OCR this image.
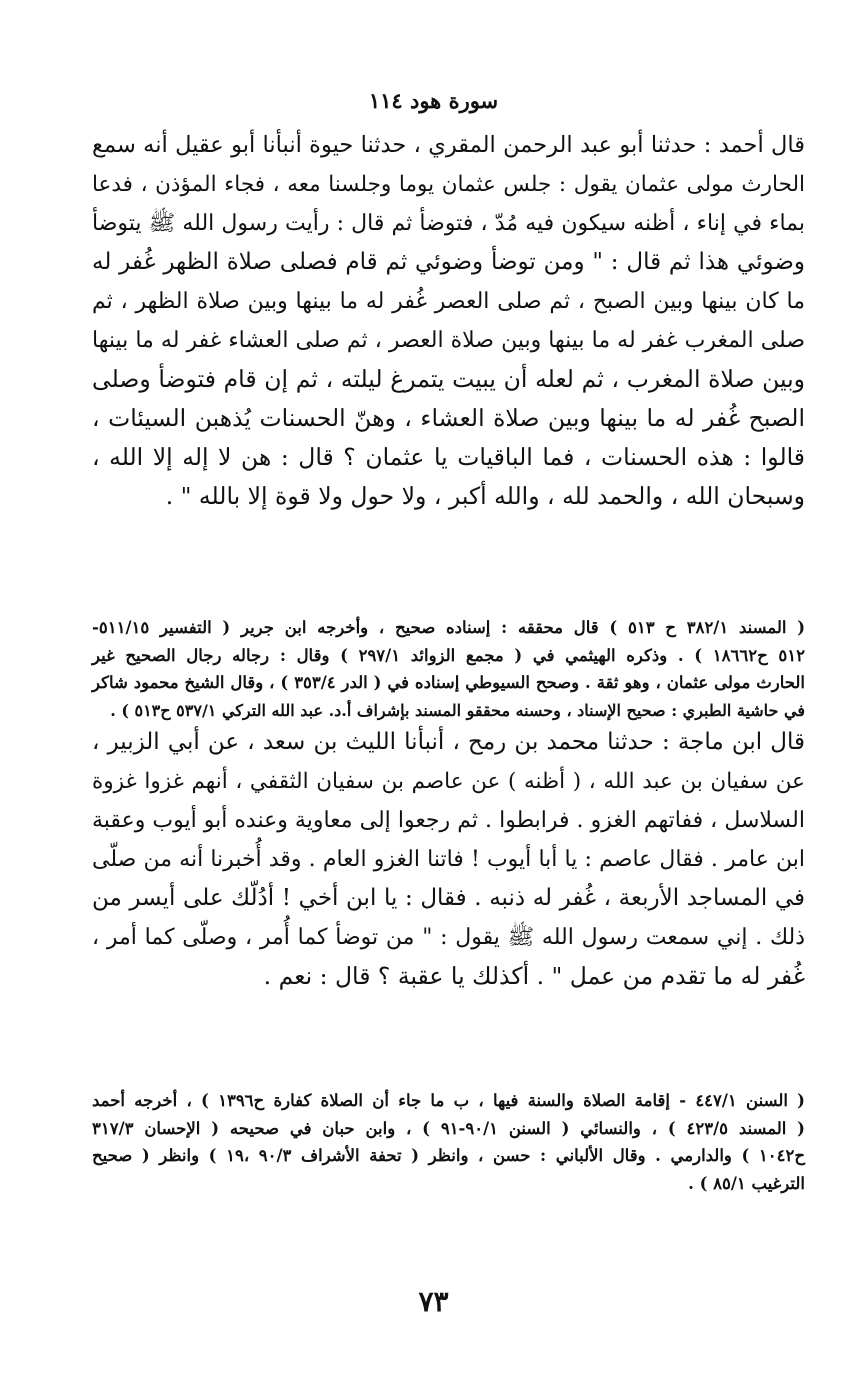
سورة هود ١١٤
قال أحمد : حدثنا أبو عبد الرحمن المقري ، حدثنا حيوة أنبأنا أبو عقيل أنه سمع
الحارث مولى عثمان يقول : جلس عثمان يوما وجلسنا معه ، فجاء المؤذن ، فدعا
بماء في إناء ، أظنه سيكون فيه مُدّ ، فتوضأ ثم قال : رأيت رسول الله ﷺ يتوضأ
وضوئي هذا ثم قال : " ومن توضأ وضوئي ثم قام فصلى صلاة الظهر غُفر له
ما كان بينها وبين الصبح ، ثم صلى العصر غُفر له ما بينها وبين صلاة الظهر ، ثم
صلى المغرب غفر له ما بينها وبين صلاة العصر ، ثم صلى العشاء غفر له ما بينها
وبين صلاة المغرب ، ثم لعله أن يبيت يتمرغ ليلته ، ثم إن قام فتوضأ وصلى
الصبح غُفر له ما بينها وبين صلاة العشاء ، وهنّ الحسنات يُذهبن السيئات ،
قالوا : هذه الحسنات ، فما الباقيات يا عثمان ؟ قال : هن لا إله إلا الله ،
وسبحان الله ، والحمد لله ، والله أكبر ، ولا حول ولا قوة إلا بالله " .
( المسند ٣٨٢/١ ح ٥١٣ ) قال محققه : إسناده صحيح ، وأخرجه ابن جرير ( التفسير ٥١١/١٥-
٥١٢ ح١٨٦٦٢ ) . وذكره الهيثمي في ( مجمع الزوائد ٢٩٧/١ ) وقال : رجاله رجال الصحيح غير
الحارث مولى عثمان ، وهو ثقة . وصحح السيوطي إسناده في ( الدر ٣٥٣/٤ ) ، وقال الشيخ محمود شاكر
في حاشية الطبري : صحيح الإسناد ، وحسنه محققو المسند بإشراف أ.د. عبد الله التركي ٥٣٧/١ ح٥١٣ ) .
قال ابن ماجة : حدثنا محمد بن رمح ، أنبأنا الليث بن سعد ، عن أبي الزبير ،
عن سفيان بن عبد الله ، ( أظنه ) عن عاصم بن سفيان الثقفي ، أنهم غزوا غزوة
السلاسل ، ففاتهم الغزو . فرابطوا . ثم رجعوا إلى معاوية وعنده أبو أيوب وعقبة
ابن عامر . فقال عاصم : يا أبا أيوب ! فاتنا الغزو العام . وقد أُخبرنا أنه من صلّى
في المساجد الأربعة ، غُفر له ذنبه . فقال : يا ابن أخي ! أدُلّك على أيسر من
ذلك . إني سمعت رسول الله ﷺ يقول : " من توضأ كما أُمر ، وصلّى كما أمر ،
غُفر له ما تقدم من عمل " . أكذلك يا عقبة ؟ قال : نعم .
( السنن ٤٤٧/١ - إقامة الصلاة والسنة فيها ، ب ما جاء أن الصلاة كفارة ح١٣٩٦ ) ، أخرجه أحمد
( المسند ٤٢٣/٥ ) ، والنسائي ( السنن ٩٠/١-٩١ ) ، وابن حبان في صحيحه ( الإحسان ٣١٧/٣
ح١٠٤٢ ) والدارمي . وقال الألباني : حسن ، وانظر ( تحفة الأشراف ٩٠/٣ ،١٩ ) وانظر ( صحيح
الترغيب ٨٥/١ ) .
٧٣
